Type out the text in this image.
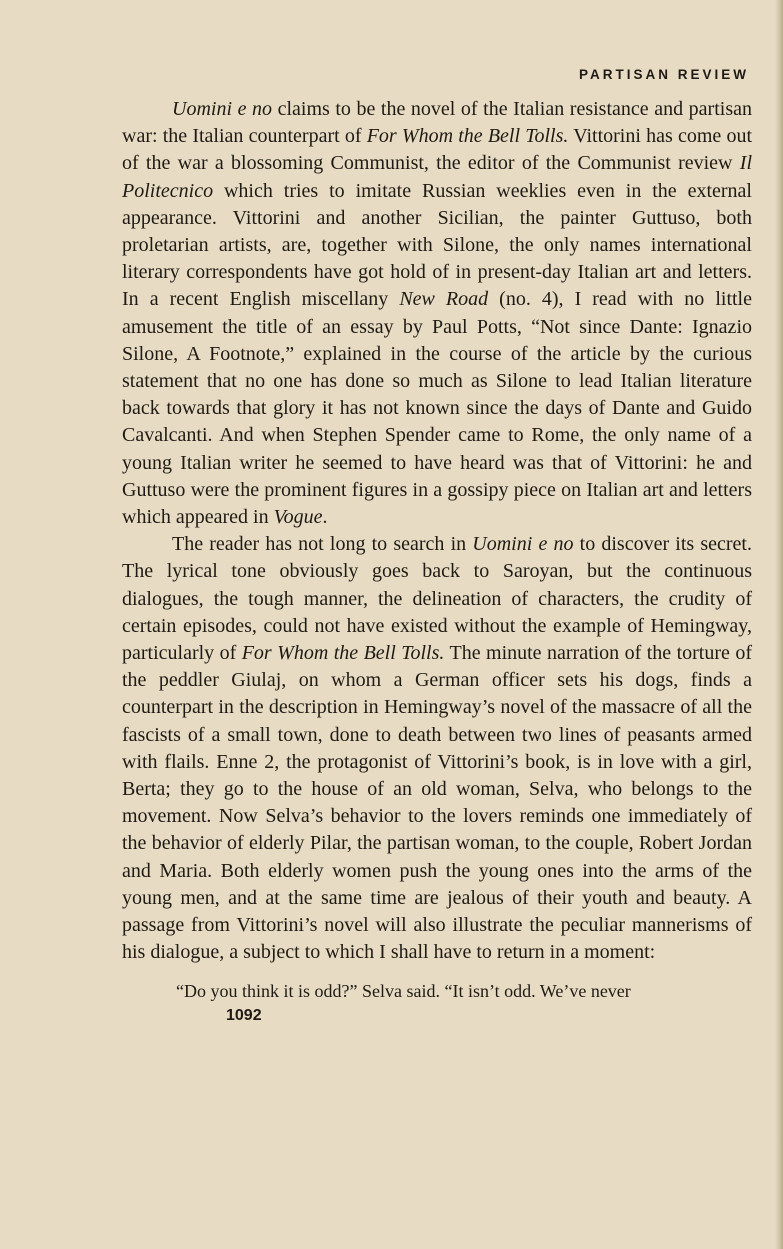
PARTISAN REVIEW

Uomini e no claims to be the novel of the Italian resistance and partisan war: the Italian counterpart of For Whom the Bell Tolls. Vittorini has come out of the war a blossoming Communist, the editor of the Communist review Il Politecnico which tries to imitate Russian weeklies even in the external appearance. Vittorini and another Sicilian, the painter Guttuso, both proletarian artists, are, together with Silone, the only names international literary correspondents have got hold of in present-day Italian art and letters. In a recent English miscellany New Road (no. 4), I read with no little amusement the title of an essay by Paul Potts, “Not since Dante: Ignazio Silone, A Footnote,” explained in the course of the article by the curious statement that no one has done so much as Silone to lead Italian literature back towards that glory it has not known since the days of Dante and Guido Cavalcanti. And when Stephen Spender came to Rome, the only name of a young Italian writer he seemed to have heard was that of Vittorini: he and Guttuso were the prominent figures in a gossipy piece on Italian art and letters which appeared in Vogue.

The reader has not long to search in Uomini e no to discover its secret. The lyrical tone obviously goes back to Saroyan, but the continuous dialogues, the tough manner, the delineation of characters, the crudity of certain episodes, could not have existed without the example of Hemingway, particularly of For Whom the Bell Tolls. The minute narration of the torture of the peddler Giulaj, on whom a German officer sets his dogs, finds a counterpart in the description in Hemingway’s novel of the massacre of all the fascists of a small town, done to death between two lines of peasants armed with flails. Enne 2, the protagonist of Vittorini’s book, is in love with a girl, Berta; they go to the house of an old woman, Selva, who belongs to the movement. Now Selva’s behavior to the lovers reminds one immediately of the behavior of elderly Pilar, the partisan woman, to the couple, Robert Jordan and Maria. Both elderly women push the young ones into the arms of the young men, and at the same time are jealous of their youth and beauty. A passage from Vittorini’s novel will also illustrate the peculiar mannerisms of his dialogue, a subject to which I shall have to return in a moment:

“Do you think it is odd?” Selva said. “It isn’t odd. We’ve never
1092
